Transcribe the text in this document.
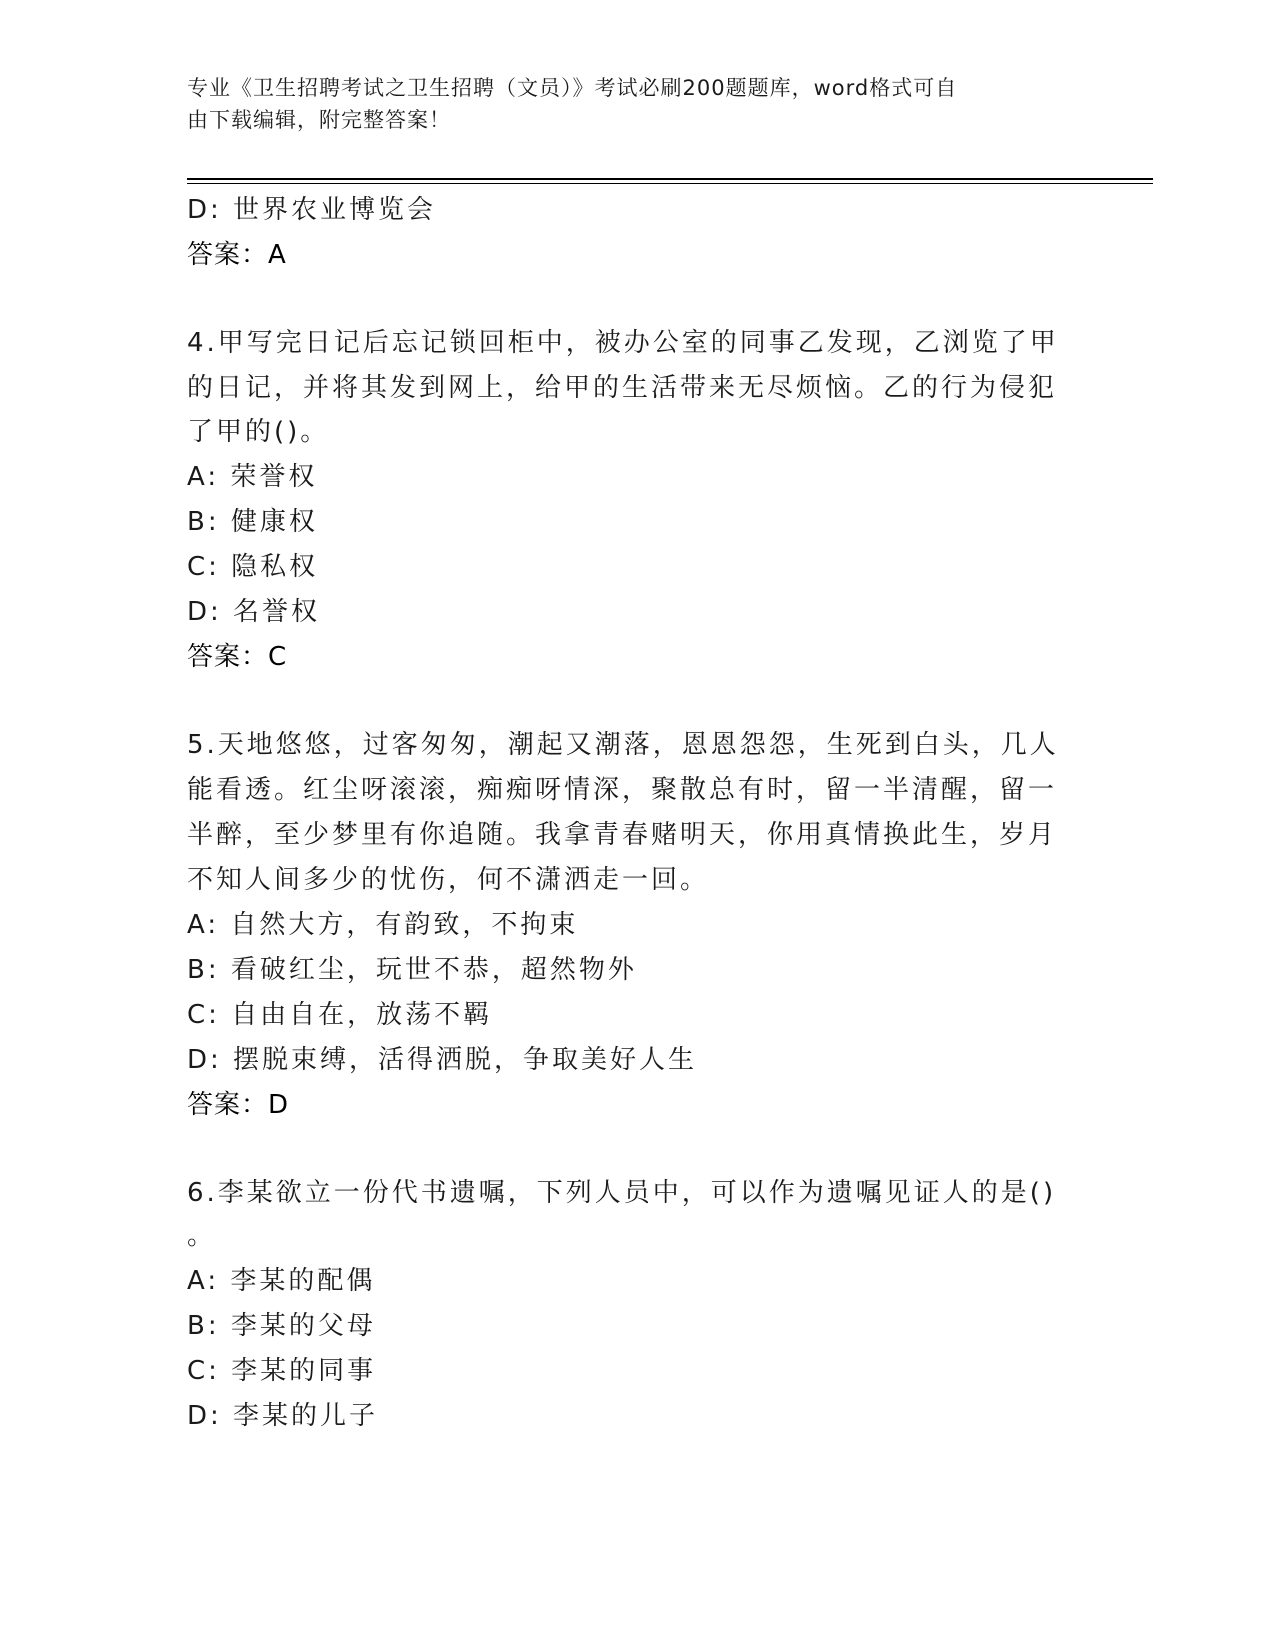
专业《卫生招聘考试之卫生招聘（文员）》考试必刷200题题库，word格式可自
由下载编辑，附完整答案！
D: 世界农业博览会
答案：A
4.甲写完日记后忘记锁回柜中，被办公室的同事乙发现，乙浏览了甲
的日记，并将其发到网上，给甲的生活带来无尽烦恼。乙的行为侵犯
了甲的()。
A: 荣誉权
B: 健康权
C: 隐私权
D: 名誉权
答案：C
5.天地悠悠，过客匆匆，潮起又潮落，恩恩怨怨，生死到白头，几人
能看透。红尘呀滚滚，痴痴呀情深，聚散总有时，留一半清醒，留一
半醉，至少梦里有你追随。我拿青春赌明天，你用真情换此生，岁月
不知人间多少的忧伤，何不潇洒走一回。
A: 自然大方，有韵致，不拘束
B: 看破红尘，玩世不恭，超然物外
C: 自由自在，放荡不羁
D: 摆脱束缚，活得洒脱，争取美好人生
答案：D
6.李某欲立一份代书遗嘱，下列人员中，可以作为遗嘱见证人的是()
。
A: 李某的配偶
B: 李某的父母
C: 李某的同事
D: 李某的儿子
